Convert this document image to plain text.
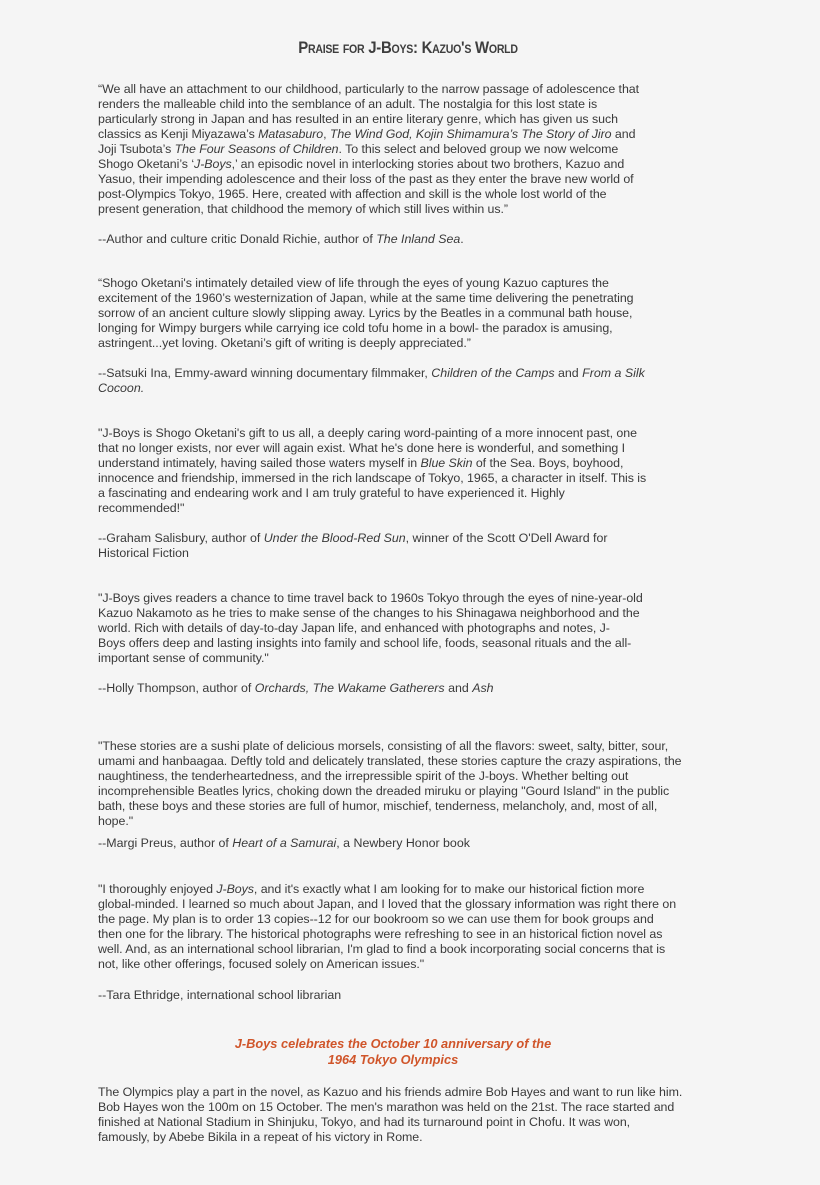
Praise for J-Boys: Kazuo's World

“We all have an attachment to our childhood, particularly to the narrow passage of adolescence that

renders the malleable child into the semblance of an adult. The nostalgia for this lost state is

particularly strong in Japan and has resulted in an entire literary genre, which has given us such

classics as Kenji Miyazawa’s Matasaburo, The Wind God, Kojin Shimamura’s The Story of Jiro and

Joji Tsubota’s The Four Seasons of Children. To this select and beloved group we now welcome

Shogo Oketani’s ‘J-Boys,’ an episodic novel in interlocking stories about two brothers, Kazuo and

Yasuo, their impending adolescence and their loss of the past as they enter the brave new world of

post-Olympics Tokyo, 1965. Here, created with affection and skill is the whole lost world of the

present generation, that childhood the memory of which still lives within us.”

--Author and culture critic Donald Richie, author of The Inland Sea.

“Shogo Oketani's intimately detailed view of life through the eyes of young Kazuo captures the

excitement of the 1960’s westernization of Japan, while at the same time delivering the penetrating

sorrow of an ancient culture slowly slipping away. Lyrics by the Beatles in a communal bath house,

longing for Wimpy burgers while carrying ice cold tofu home in a bowl- the paradox is amusing,

astringent...yet loving. Oketani’s gift of writing is deeply appreciated.”

--Satsuki Ina, Emmy-award winning documentary filmmaker, Children of the Camps and From a Silk

Cocoon.

"J-Boys is Shogo Oketani's gift to us all, a deeply caring word-painting of a more innocent past, one

that no longer exists, nor ever will again exist. What he's done here is wonderful, and something I

understand intimately, having sailed those waters myself in Blue Skin of the Sea. Boys, boyhood,

innocence and friendship, immersed in the rich landscape of Tokyo, 1965, a character in itself. This is

a fascinating and endearing work and I am truly grateful to have experienced it. Highly

recommended!"

--Graham Salisbury, author of Under the Blood-Red Sun, winner of the Scott O'Dell Award for

Historical Fiction

"J-Boys gives readers a chance to time travel back to 1960s Tokyo through the eyes of nine-year-old

Kazuo Nakamoto as he tries to make sense of the changes to his Shinagawa neighborhood and the

world. Rich with details of day-to-day Japan life, and enhanced with photographs and notes, J-

Boys offers deep and lasting insights into family and school life, foods, seasonal rituals and the all-

important sense of community."

--Holly Thompson, author of Orchards, The Wakame Gatherers and Ash

"These stories are a sushi plate of delicious morsels, consisting of all the flavors: sweet, salty, bitter, sour,

umami and hanbaagaa. Deftly told and delicately translated, these stories capture the crazy aspirations, the

naughtiness, the tenderheartedness, and the irrepressible spirit of the J-boys. Whether belting out

incomprehensible Beatles lyrics, choking down the dreaded miruku or playing "Gourd Island" in the public

bath, these boys and these stories are full of humor, mischief, tenderness, melancholy, and, most of all,

hope."

--Margi Preus, author of Heart of a Samurai, a Newbery Honor book

"I thoroughly enjoyed J-Boys, and it's exactly what I am looking for to make our historical fiction more

global-minded. I learned so much about Japan, and I loved that the glossary information was right there on

the page. My plan is to order 13 copies--12 for our bookroom so we can use them for book groups and

then one for the library. The historical photographs were refreshing to see in an historical fiction novel as

well. And, as an international school librarian, I'm glad to find a book incorporating social concerns that is

not, like other offerings, focused solely on American issues."

--Tara Ethridge, international school librarian

J-Boys celebrates the October 10 anniversary of the

1964 Tokyo Olympics

The Olympics play a part in the novel, as Kazuo and his friends admire Bob Hayes and want to run like him.

Bob Hayes won the 100m on 15 October. The men's marathon was held on the 21st. The race started and

finished at National Stadium in Shinjuku, Tokyo, and had its turnaround point in Chofu. It was won,

famously, by Abebe Bikila in a repeat of his victory in Rome.
